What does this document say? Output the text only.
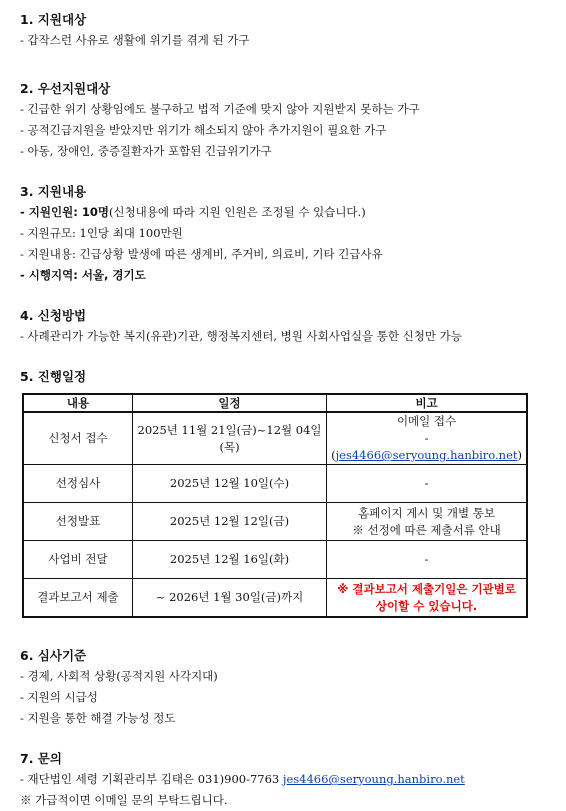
1. 지원대상

- 갑작스런 사유로 생활에 위기를 겪게 된 가구

2. 우선지원대상

- 긴급한 위기 상황임에도 불구하고 법적 기준에 맞지 않아 지원받지 못하는 가구
- 공적긴급지원을 받았지만 위기가 해소되지 않아 추가지원이 필요한 가구
- 아동, 장애인, 중증질환자가 포함된 긴급위기가구

3. 지원내용

- 지원인원: 10명(신청내용에 따라 지원 인원은 조정될 수 있습니다.)
- 지원규모: 1인당 최대 100만원
- 지원내용: 긴급상황 발생에 따른 생계비, 주거비, 의료비, 기타 긴급사유
- 시행지역: 서울, 경기도

4. 신청방법

- 사례관리가 가능한 복지(유관)기관, 행정복지센터, 병원 사회사업실을 통한 신청만 가능

5. 진행일정

내용	일정	비고
신청서 접수	2025년 11월 21일(금)~12월 04일(목)	이메일 접수
- (jes4466@seryoung.hanbiro.net)

선정심사	2025년 12월 10일(수)	-
선정발표	2025년 12월 12일(금)	홈페이지 게시 및 개별 통보
※ 선정에 따른 제출서류 안내

사업비 전달	2025년 12월 16일(화)	-
결과보고서 제출	~ 2026년 1월 30일(금)까지	※ 결과보고서 제출기일은 기관별로 상이할 수 있습니다.

6. 심사기준

- 경제, 사회적 상황(공적지원 사각지대)
- 지원의 시급성
- 지원을 통한 해결 가능성 정도

7. 문의

- 재단법인 세령 기획관리부 김태은 031)900-7763 jes4466@seryoung.hanbiro.net
※ 가급적이면 이메일 문의 부탁드립니다.
